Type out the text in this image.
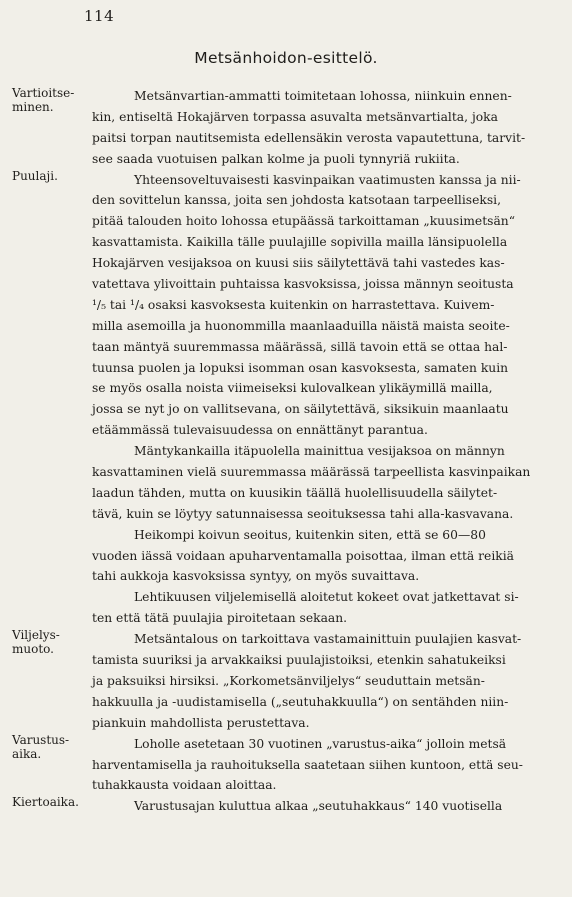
114
Metsänhoidon-esittelö.
Vartioitse-
minen.
Puulaji.
Viljelys-
muoto.
Varustus-
aika.
Kiertoaika.
Metsänvartian-ammatti toimitetaan lohossa, niinkuin ennen-
kin, entiseltä Hokajärven torpassa asuvalta metsänvartialta, joka
paitsi torpan nautitsemista edellensäkin verosta vapautettuna, tarvit-
see saada vuotuisen palkan kolme ja puoli tynnyriä rukiita.
Yhteensoveltuvaisesti kasvinpaikan vaatimusten kanssa ja nii-
den sovittelun kanssa, joita sen johdosta katsotaan tarpeelliseksi,
pitää talouden hoito lohossa etupäässä tarkoittaman „kuusimetsän“
kasvattamista. Kaikilla tälle puulajille sopivilla mailla länsipuolella
Hokajärven vesijaksoa on kuusi siis säilytettävä tahi vastedes kas-
vatettava ylivoittain puhtaissa kasvoksissa, joissa männyn seoitusta
¹/₅ tai ¹/₄ osaksi kasvoksesta kuitenkin on harrastettava. Kuivem-
milla asemoilla ja huonommilla maanlaaduilla näistä maista seoite-
taan mäntyä suuremmassa määrässä, sillä tavoin että se ottaa hal-
tuunsa puolen ja lopuksi isomman osan kasvoksesta, samaten kuin
se myös osalla noista viimeiseksi kulovalkean ylikäymillä mailla,
jossa se nyt jo on vallitsevana, on säilytettävä, siksikuin maanlaatu
etäämmässä tulevaisuudessa on ennättänyt parantua.
Mäntykankailla itäpuolella mainittua vesijaksoa on männyn
kasvattaminen vielä suuremmassa määrässä tarpeellista kasvinpaikan
laadun tähden, mutta on kuusikin täällä huolellisuudella säilytet-
tävä, kuin se löytyy satunnaisessa seoituksessa tahi alla-kasvavana.
Heikompi koivun seoitus, kuitenkin siten, että se 60—80
vuoden iässä voidaan apuharventamalla poisottaa, ilman että reikiä
tahi aukkoja kasvoksissa syntyy, on myös suvaittava.
Lehtikuusen viljelemisellä aloitetut kokeet ovat jatkettavat si-
ten että tätä puulajia piroitetaan sekaan.
Metsäntalous on tarkoittava vastamainittuin puulajien kasvat-
tamista suuriksi ja arvakkaiksi puulajistoiksi, etenkin sahatukeiksi
ja paksuiksi hirsiksi. „Korkometsänviljelys“ seuduttain metsän-
hakkuulla ja -uudistamisella („seutuhakkuulla“) on sentähden niin-
piankuin mahdollista perustettava.
Loholle asetetaan 30 vuotinen „varustus-aika“ jolloin metsä
harventamisella ja rauhoituksella saatetaan siihen kuntoon, että seu-
tuhakkausta voidaan aloittaa.
Varustusajan kuluttua alkaa „seutuhakkaus“ 140 vuotisella
